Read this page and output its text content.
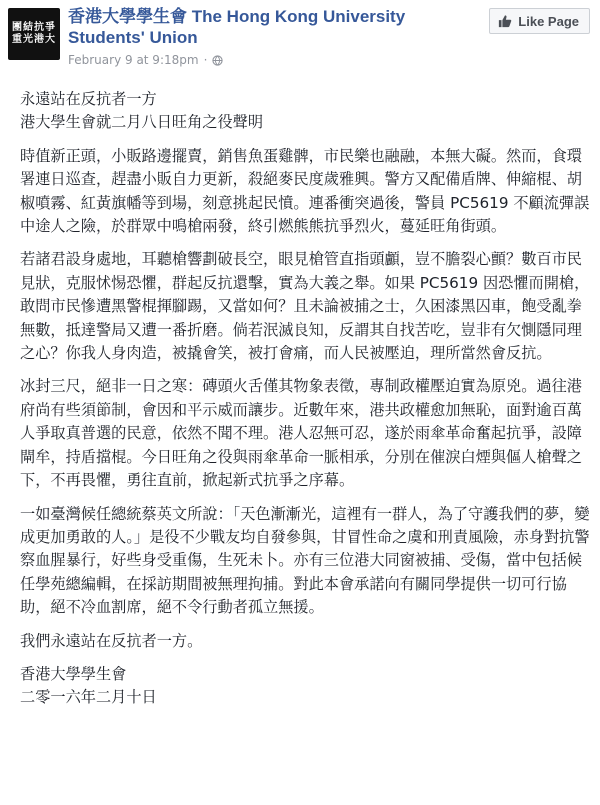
團結抗爭 重光港大
香港大學學生會 The Hong Kong University Students' Union
February 9 at 9:18pm ·
Like Page

永遠站在反抗者一方

港大學生會就二月八日旺角之役聲明

時值新正頭，小販路邊擺賣，銷售魚蛋雞髀，市民樂也融融，本無大礙。然而，食環署連日巡查，趕盡小販自力更新，殺絕麥民度歲雅興。警方又配備盾牌、伸縮棍、胡椒噴霧、紅黃旗幡等到場，刻意挑起民憤。連番衝突過後，警員 PC5619 不顧流彈誤中途人之險，於群眾中鳴槍兩發，終引燃熊熊抗爭烈火，蔓延旺角街頭。

若諸君設身處地，耳聽槍響劃破長空，眼見槍管直指頭顱，豈不膽裂心顫？數百市民見狀，克服怵惕恐懼，群起反抗還擊，實為大義之舉。如果 PC5619 因恐懼而開槍，敢問市民慘遭黑警棍揮腳踢，又當如何？且未論被捕之士，久困漆黑囚車，飽受亂拳無數，抵達警局又遭一番折磨。倘若泯滅良知，反謂其自找苦吃，豈非有欠惻隱同理之心？你我人身肉造，被撬會笑，被打會痛，而人民被壓迫，理所當然會反抗。

冰封三尺，絕非一日之寒：磚頭火舌僅其物象表徵，專制政權壓迫實為原兇。過往港府尚有些須節制，會因和平示威而讓步。近數年來，港共政權愈加無恥，面對逾百萬人爭取真普選的民意，依然不聞不理。港人忍無可忍，遂於雨傘革命奮起抗爭，設障閘牟，持盾擋棍。今日旺角之役與雨傘革命一脈相承，分別在催淚白煙與傴人槍聲之下，不再畏懼，勇往直前，掀起新式抗爭之序幕。

一如臺灣候任總統蔡英文所說：「天色漸漸光，這裡有一群人，為了守護我們的夢，變成更加勇敢的人。」是役不少戰友均自發參與，甘冒性命之虞和刑責風險，赤身對抗警察血腥暴行，好些身受重傷，生死未卜。亦有三位港大同窗被捕、受傷，當中包括候任學苑總編輯，在採訪期間被無理拘捕。對此本會承諾向有關同學提供一切可行協助，絕不冷血割席，絕不令行動者孤立無援。

我們永遠站在反抗者一方。

香港大學學生會

二零一六年二月十日
